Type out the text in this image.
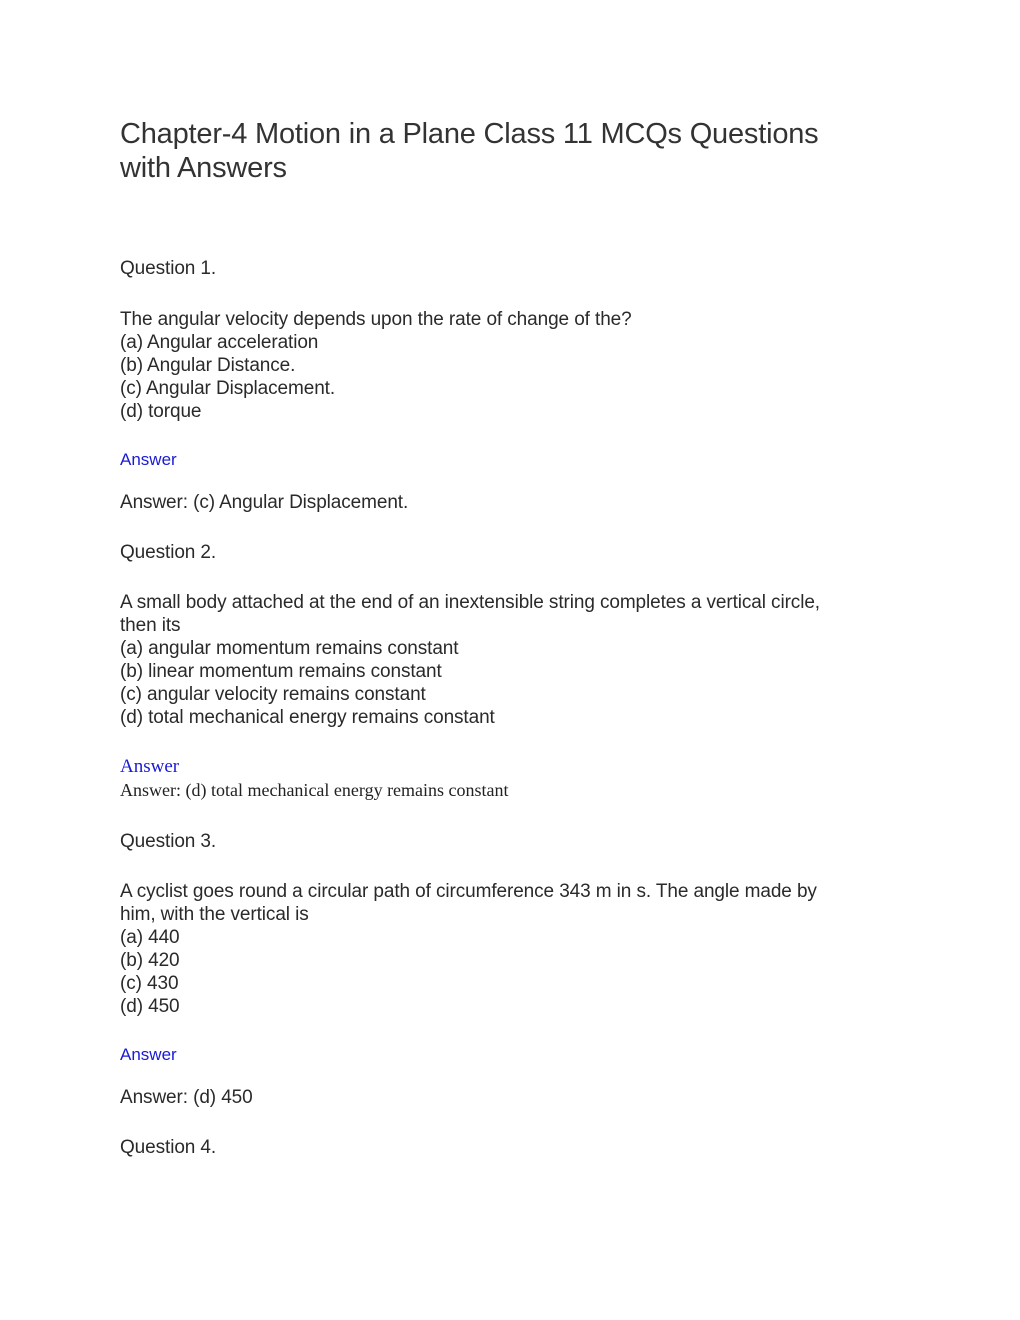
Chapter-4 Motion in a Plane Class 11 MCQs Questions
with Answers
Question 1.
The angular velocity depends upon the rate of change of the?
(a) Angular acceleration
(b) Angular Distance.
(c) Angular Displacement.
(d) torque
Answer
Answer: (c) Angular Displacement.
Question 2.
A small body attached at the end of an inextensible string completes a vertical circle,
then its
(a) angular momentum remains constant
(b) linear momentum remains constant
(c) angular velocity remains constant
(d) total mechanical energy remains constant
Answer
Answer: (d) total mechanical energy remains constant
Question 3.
A cyclist goes round a circular path of circumference 343 m in s. The angle made by
him, with the vertical is
(a) 440
(b) 420
(c) 430
(d) 450
Answer
Answer: (d) 450
Question 4.
